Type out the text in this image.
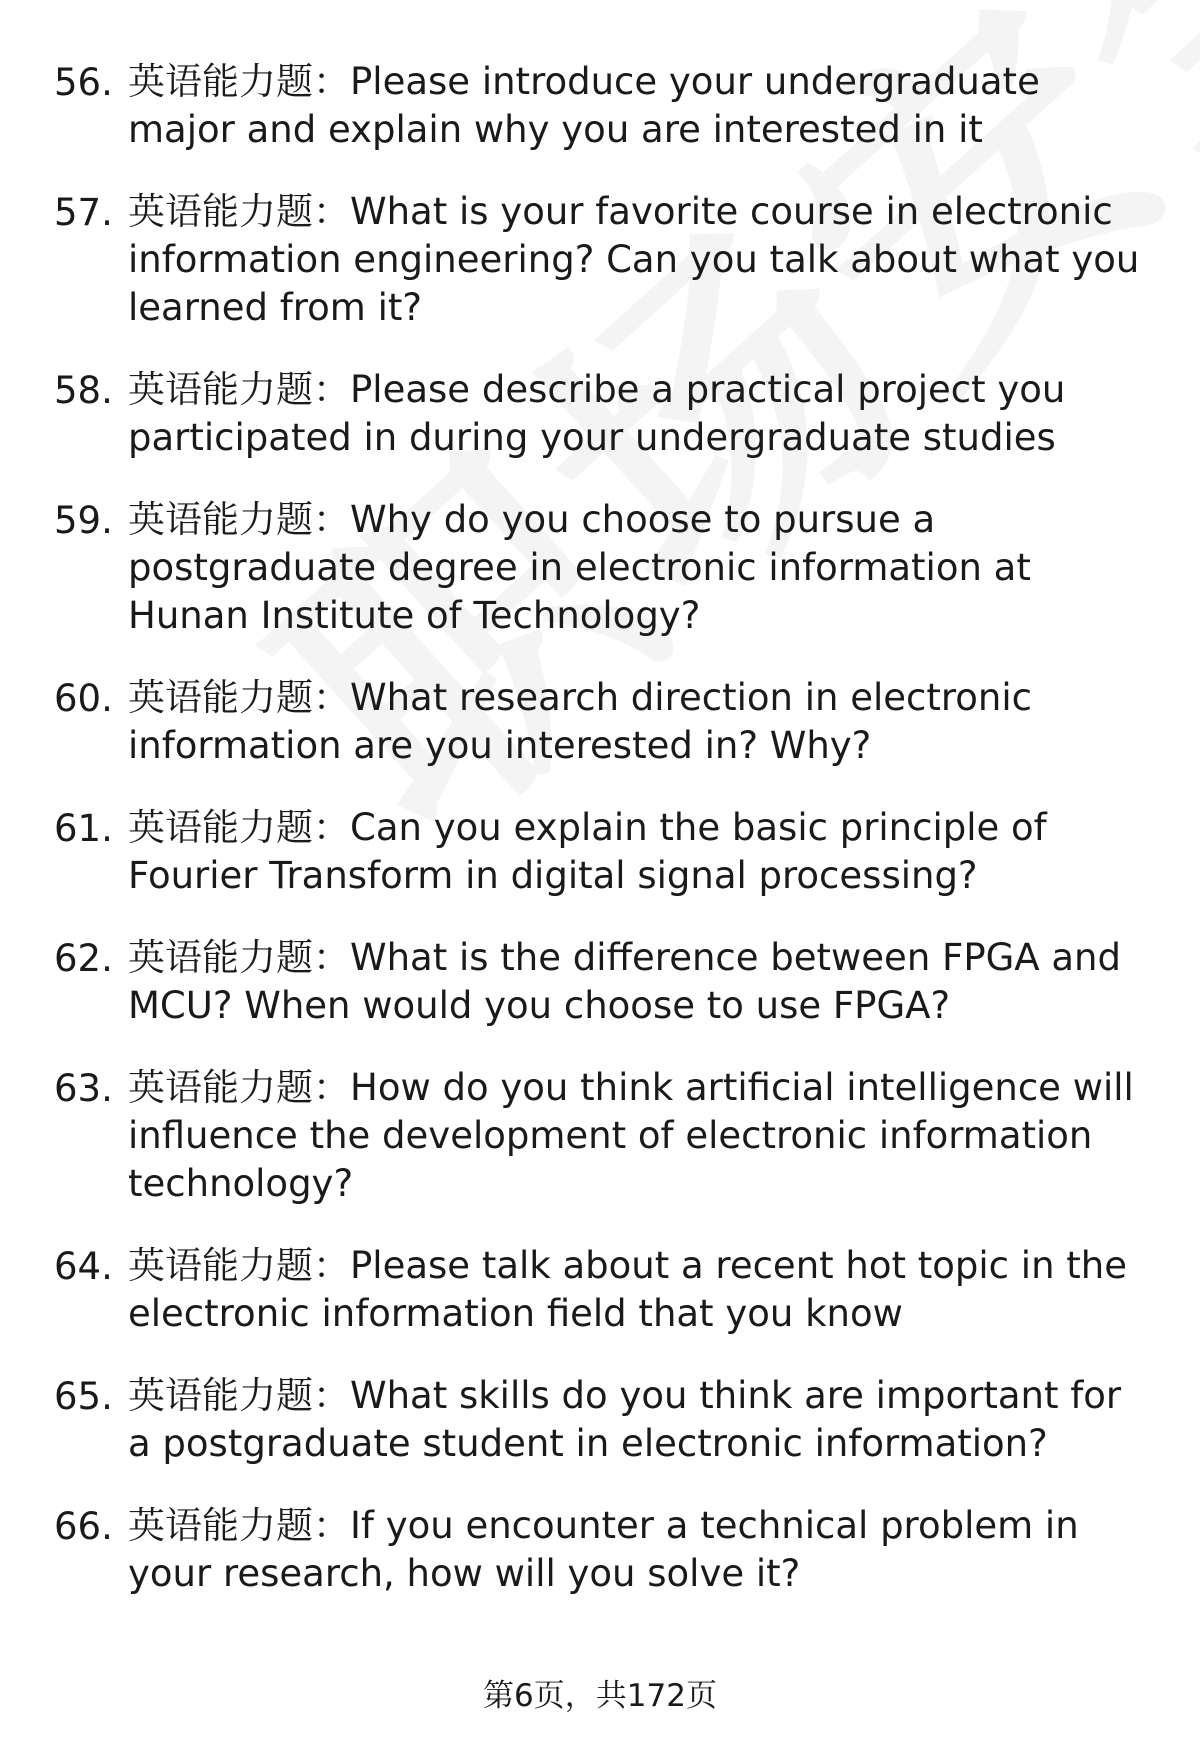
56. 英语能力题：Please introduce your undergraduate major and explain why you are interested in it
57. 英语能力题：What is your favorite course in electronic information engineering? Can you talk about what you learned from it?
58. 英语能力题：Please describe a practical project you participated in during your undergraduate studies
59. 英语能力题：Why do you choose to pursue a postgraduate degree in electronic information at Hunan Institute of Technology?
60. 英语能力题：What research direction in electronic information are you interested in? Why?
61. 英语能力题：Can you explain the basic principle of Fourier Transform in digital signal processing?
62. 英语能力题：What is the difference between FPGA and MCU? When would you choose to use FPGA?
63. 英语能力题：How do you think artificial intelligence will influence the development of electronic information technology?
64. 英语能力题：Please talk about a recent hot topic in the electronic information field that you know
65. 英语能力题：What skills do you think are important for a postgraduate student in electronic information?
66. 英语能力题：If you encounter a technical problem in your research, how will you solve it?
第6页，共172页
